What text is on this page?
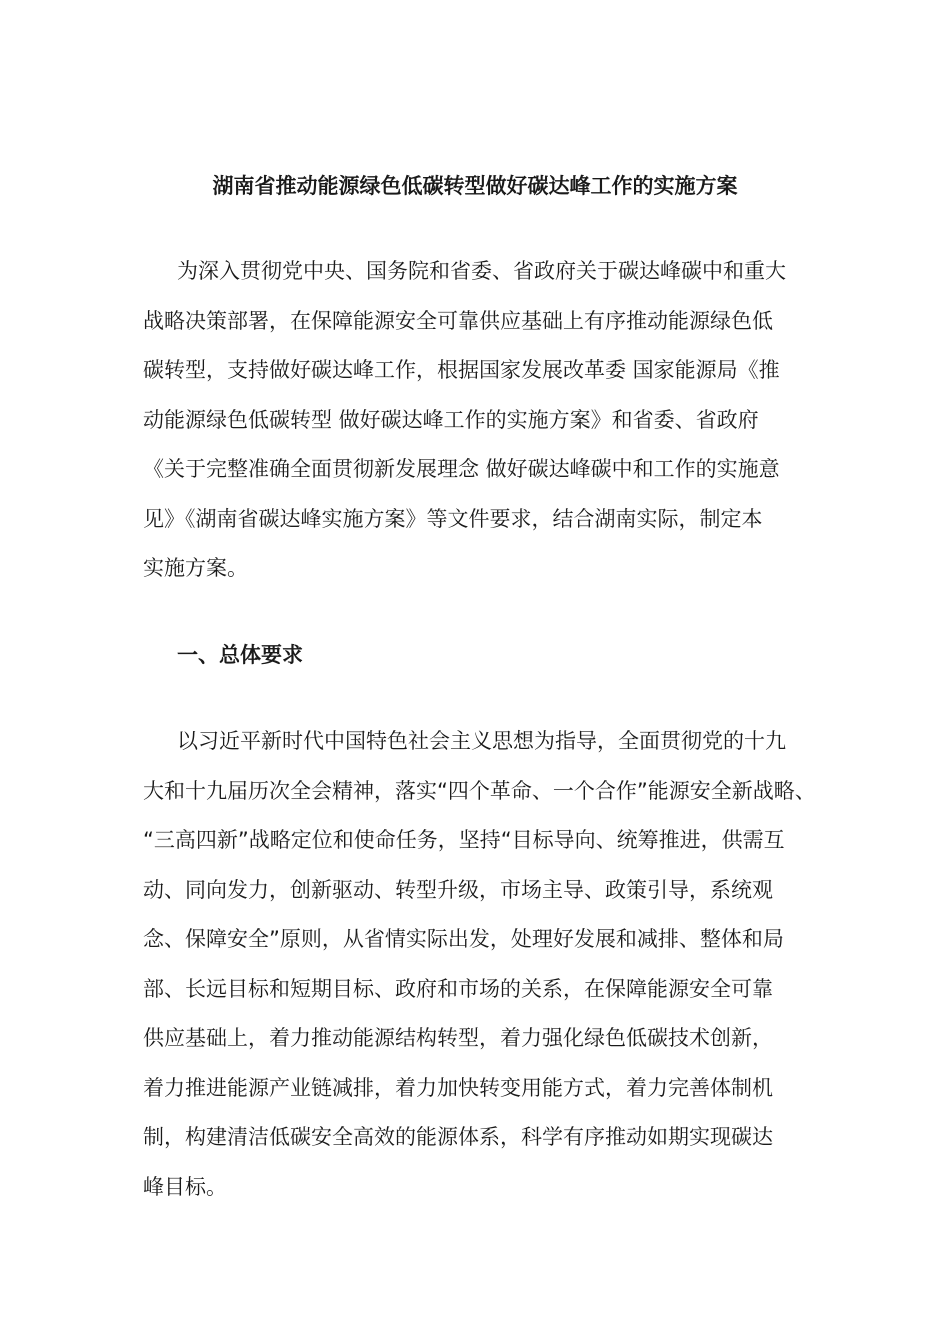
湖南省推动能源绿色低碳转型做好碳达峰工作的实施方案
为深入贯彻党中央、国务院和省委、省政府关于碳达峰碳中和重大
战略决策部署，在保障能源安全可靠供应基础上有序推动能源绿色低
碳转型，支持做好碳达峰工作，根据国家发展改革委 国家能源局《推
动能源绿色低碳转型 做好碳达峰工作的实施方案》和省委、省政府
《关于完整准确全面贯彻新发展理念 做好碳达峰碳中和工作的实施意
见》《湖南省碳达峰实施方案》等文件要求，结合湖南实际，制定本
实施方案。
一、总体要求
以习近平新时代中国特色社会主义思想为指导，全面贯彻党的十九
大和十九届历次全会精神，落实“四个革命、一个合作”能源安全新战略、
“三高四新”战略定位和使命任务，坚持“目标导向、统筹推进，供需互
动、同向发力，创新驱动、转型升级，市场主导、政策引导，系统观
念、保障安全”原则，从省情实际出发，处理好发展和减排、整体和局
部、长远目标和短期目标、政府和市场的关系，在保障能源安全可靠
供应基础上，着力推动能源结构转型，着力强化绿色低碳技术创新，
着力推进能源产业链减排，着力加快转变用能方式，着力完善体制机
制，构建清洁低碳安全高效的能源体系，科学有序推动如期实现碳达
峰目标。
